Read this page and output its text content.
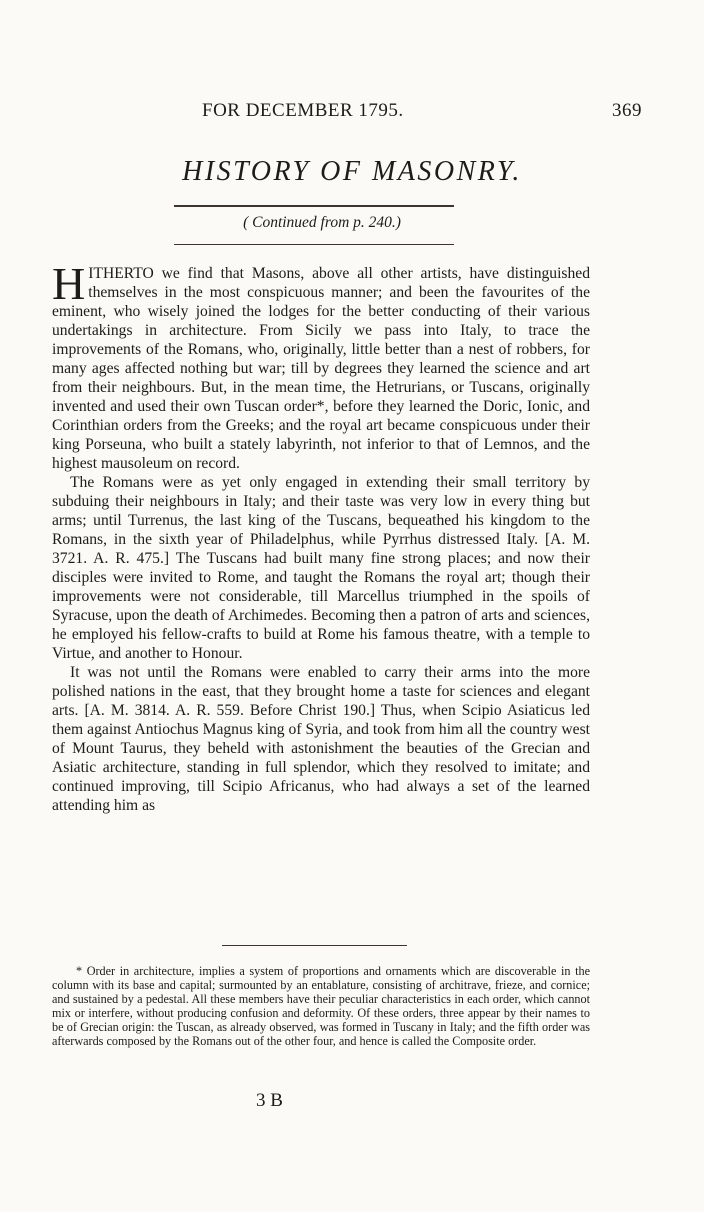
FOR DECEMBER 1795.	369
HISTORY OF MASONRY.
( Continued from p. 240.)

HITHERTO we find that Masons, above all other artists, have distinguished themselves in the most conspicuous manner; and been the favourites of the eminent, who wisely joined the lodges for the better conducting of their various undertakings in architecture. From Sicily we pass into Italy, to trace the improvements of the Romans, who, originally, little better than a nest of robbers, for many ages affected nothing but war; till by degrees they learned the science and art from their neighbours. But, in the mean time, the Hetrurians, or Tuscans, originally invented and used their own Tuscan order*, before they learned the Doric, Ionic, and Corinthian orders from the Greeks; and the royal art became conspicuous under their king Porseuna, who built a stately labyrinth, not inferior to that of Lemnos, and the highest mausoleum on record.

The Romans were as yet only engaged in extending their small territory by subduing their neighbours in Italy; and their taste was very low in every thing but arms; until Turrenus, the last king of the Tuscans, bequeathed his kingdom to the Romans, in the sixth year of Philadelphus, while Pyrrhus distressed Italy. [A. M. 3721. A. R. 475.] The Tuscans had built many fine strong places; and now their disciples were invited to Rome, and taught the Romans the royal art; though their improvements were not considerable, till Marcellus triumphed in the spoils of Syracuse, upon the death of Archimedes. Becoming then a patron of arts and sciences, he employed his fellow-crafts to build at Rome his famous theatre, with a temple to Virtue, and another to Honour.

It was not until the Romans were enabled to carry their arms into the more polished nations in the east, that they brought home a taste for sciences and elegant arts. [A. M. 3814. A. R. 559. Before Christ 190.] Thus, when Scipio Asiaticus led them against Antiochus Magnus king of Syria, and took from him all the country west of Mount Taurus, they beheld with astonishment the beauties of the Grecian and Asiatic architecture, standing in full splendor, which they resolved to imitate; and continued improving, till Scipio Africanus, who had always a set of the learned attending him as

* Order in architecture, implies a system of proportions and ornaments which are discoverable in the column with its base and capital; surmounted by an entablature, consisting of architrave, frieze, and cornice; and sustained by a pedestal. All these members have their peculiar characteristics in each order, which cannot mix or interfere, without producing confusion and deformity. Of these orders, three appear by their names to be of Grecian origin: the Tuscan, as already observed, was formed in Tuscany in Italy; and the fifth order was afterwards composed by the Romans out of the other four, and hence is called the Composite order.

3 B
